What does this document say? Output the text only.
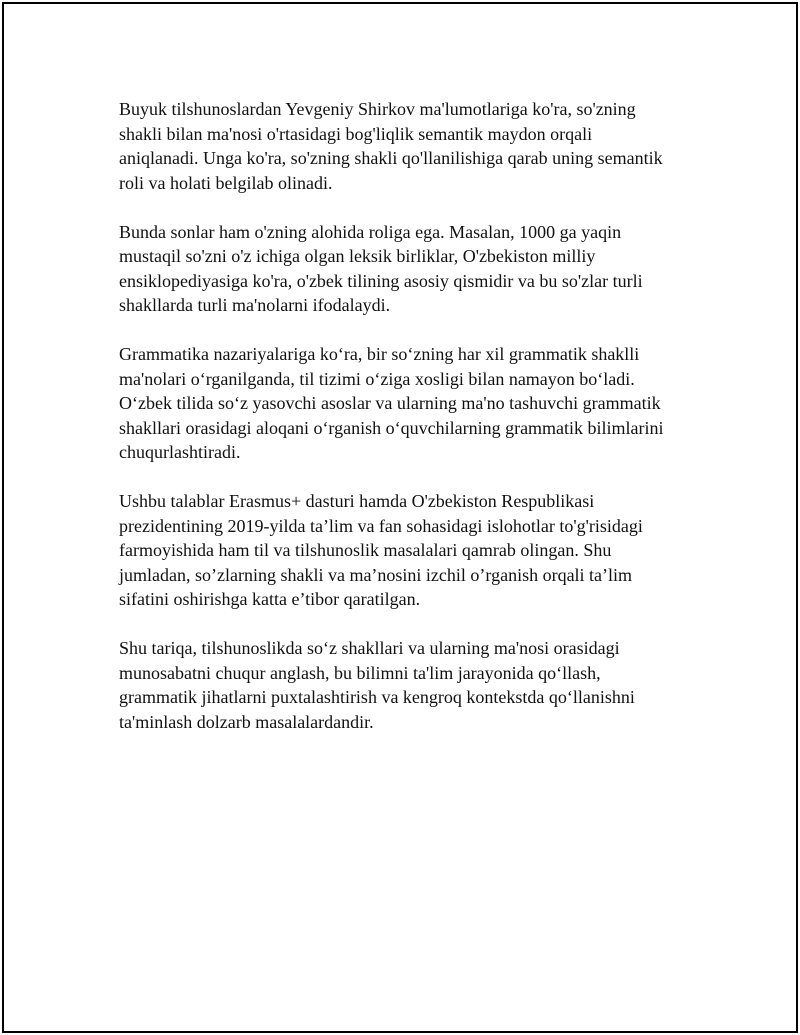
Buyuk tilshunoslardan Yevgeniy Shirkov ma'lumotlariga ko'ra, so'zning
shakli bilan ma'nosi o'rtasidagi bog'liqlik semantik maydon orqali
aniqlanadi. Unga ko'ra, so'zning shakli qo'llanilishiga qarab uning semantik
roli va holati belgilab olinadi.

Bunda sonlar ham o'zning alohida roliga ega. Masalan, 1000 ga yaqin
mustaqil so'zni o'z ichiga olgan leksik birliklar, O'zbekiston milliy
ensiklopediyasiga ko'ra, o'zbek tilining asosiy qismidir va bu so'zlar turli
shakllarda turli ma'nolarni ifodalaydi.

Grammatika nazariyalariga ko‘ra, bir so‘zning har xil grammatik shaklli
ma'nolari o‘rganilganda, til tizimi o‘ziga xosligi bilan namayon bo‘ladi.
O‘zbek tilida so‘z yasovchi asoslar va ularning ma'no tashuvchi grammatik
shakllari orasidagi aloqani o‘rganish o‘quvchilarning grammatik bilimlarini
chuqurlashtiradi.

Ushbu talablar Erasmus+ dasturi hamda O'zbekiston Respublikasi
prezidentining 2019-yilda ta’lim va fan sohasidagi islohotlar to'g'risidagi
farmoyishida ham til va tilshunoslik masalalari qamrab olingan. Shu
jumladan, so’zlarning shakli va ma’nosini izchil o’rganish orqali ta’lim
sifatini oshirishga katta e’tibor qaratilgan.

Shu tariqa, tilshunoslikda so‘z shakllari va ularning ma'nosi orasidagi
munosabatni chuqur anglash, bu bilimni ta'lim jarayonida qo‘llash,
grammatik jihatlarni puxtalashtirish va kengroq kontekstda qo‘llanishni
ta'minlash dolzarb masalalardandir.
